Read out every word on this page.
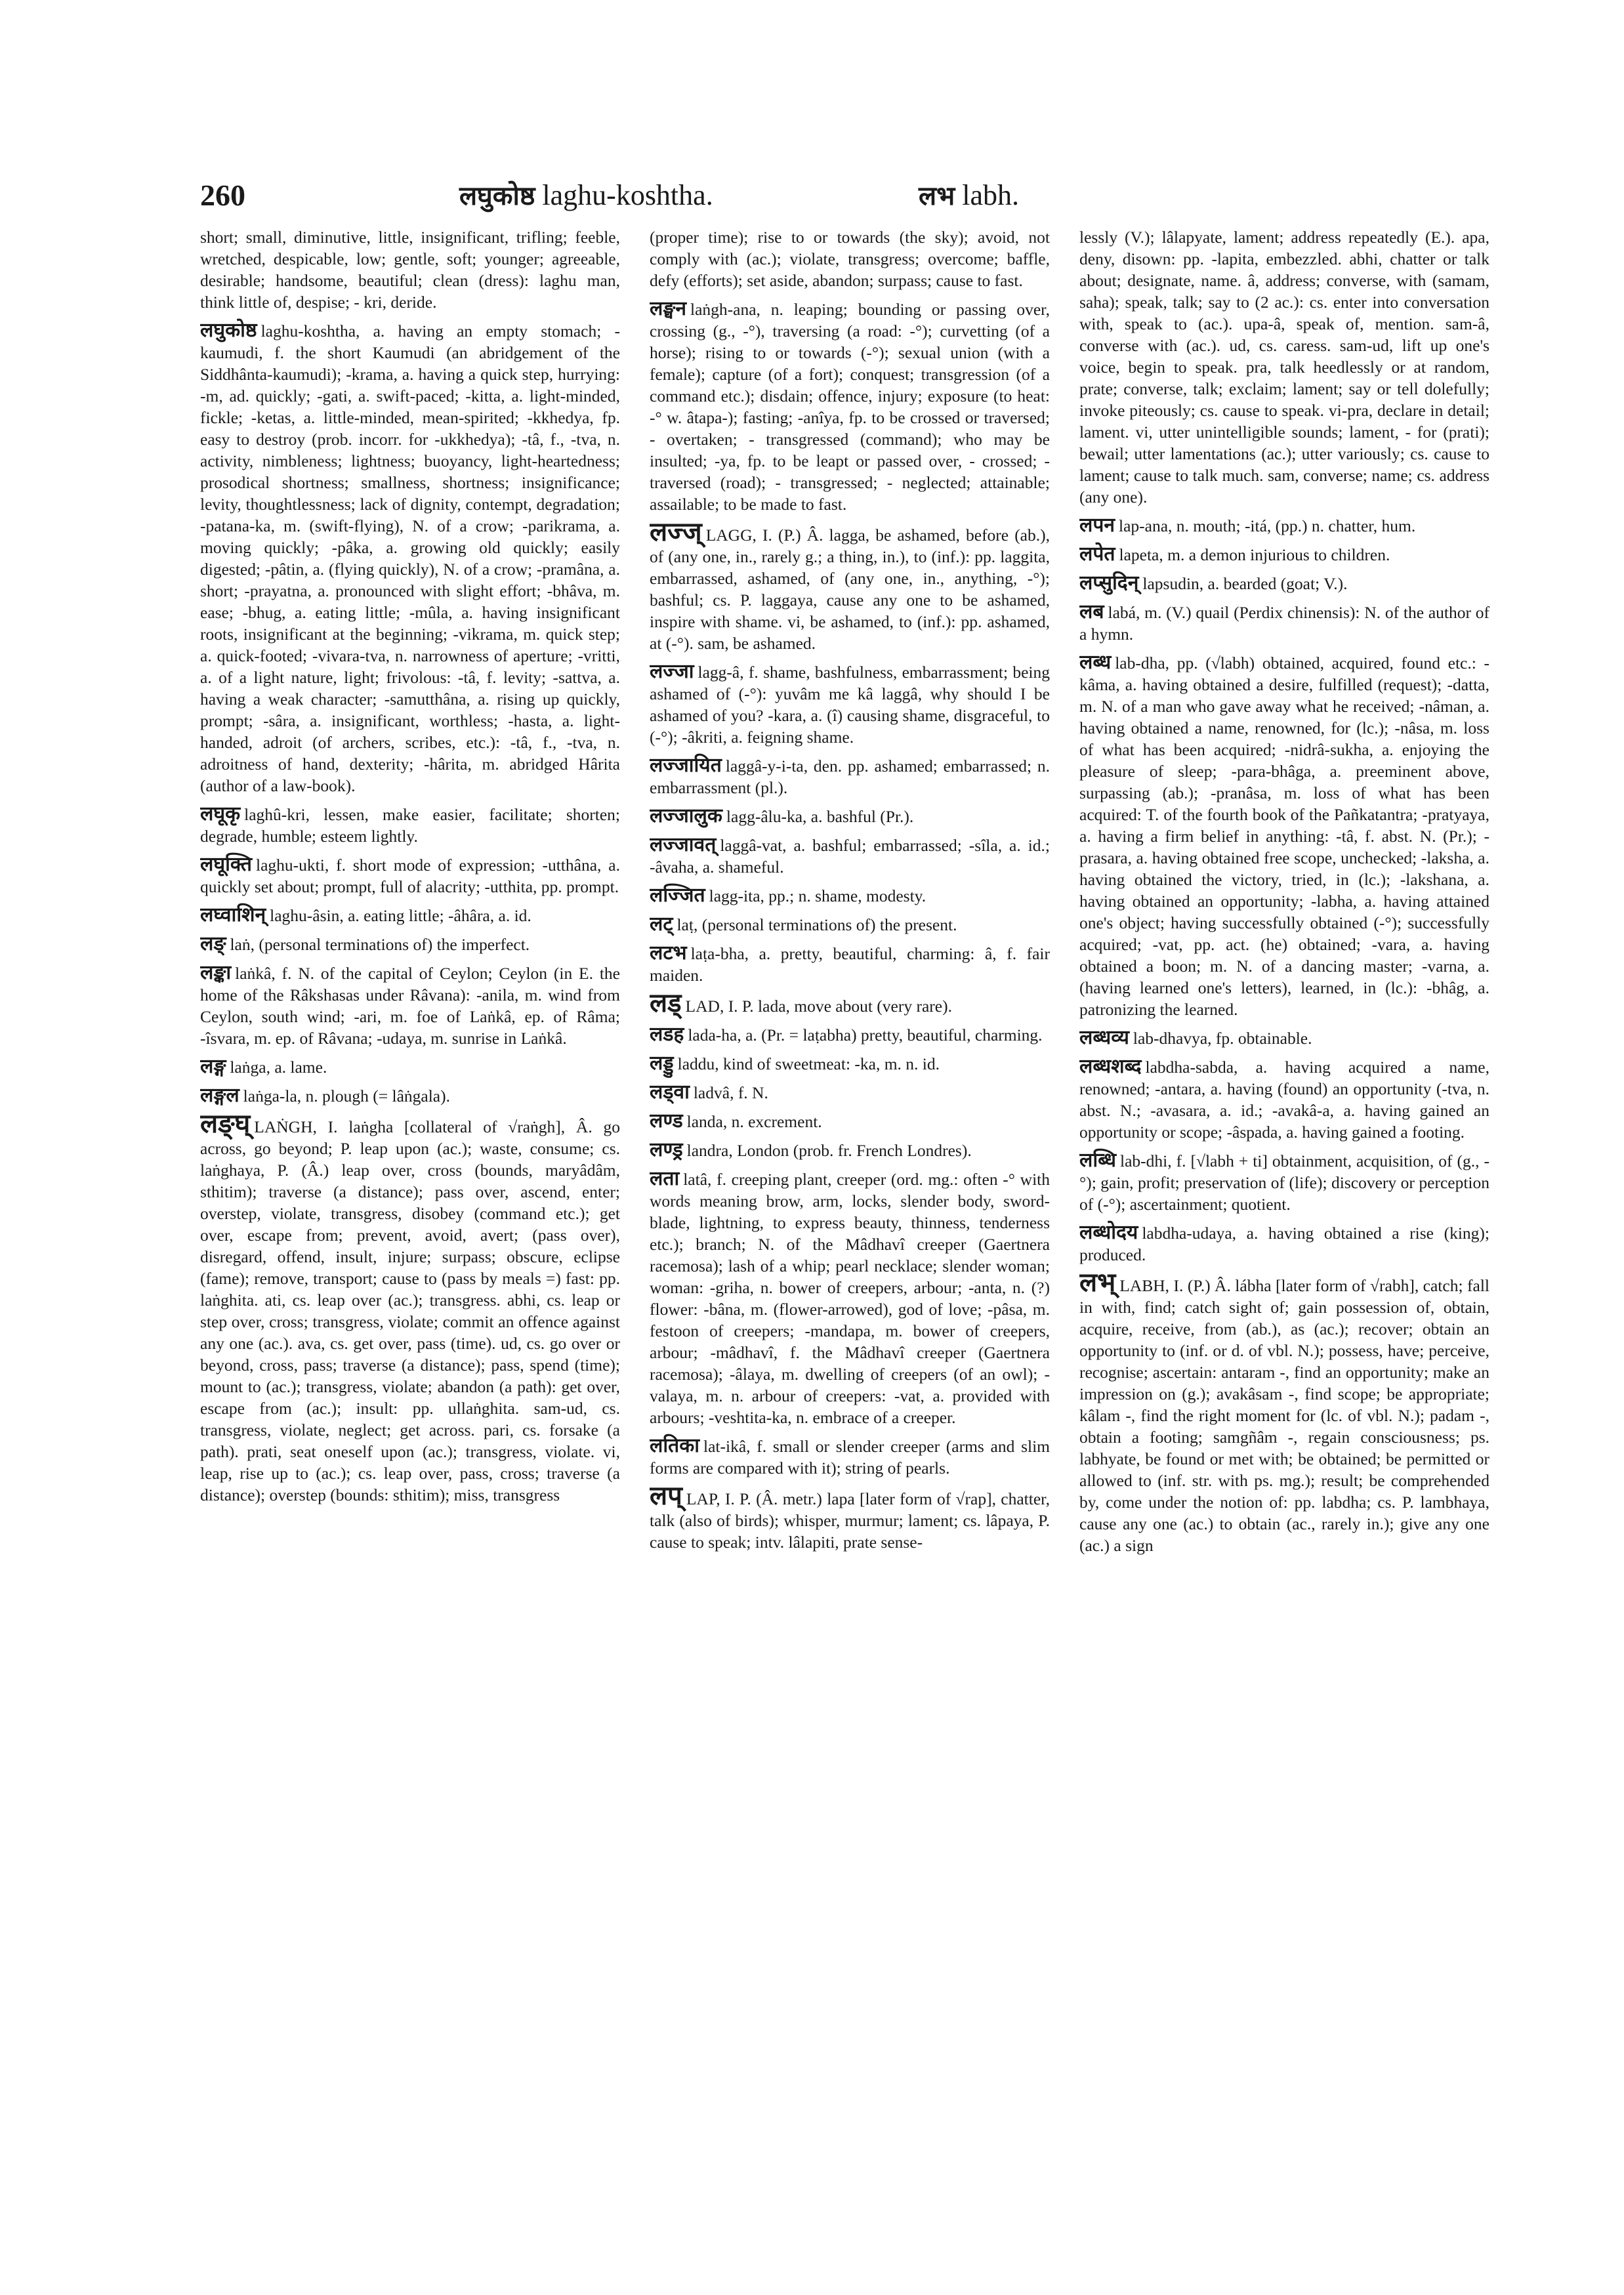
260	लघुकोष्ठ laghu-koshtha.	लभ labh.

short; small, diminutive, little, insignificant, trifling; feeble, wretched, despicable, low; gentle, soft; younger; agreeable, desirable; handsome, beautiful; clean (dress): laghu man, think little of, despise; - kri, deride.

लघुकोष्ठ laghu-koshtha, a. having an empty stomach; -kaumudi, f. the short Kaumudi (an abridgement of the Siddhânta-kaumudi); -krama, a. having a quick step, hurrying: -m, ad. quickly; -gati, a. swift-paced; -kitta, a. light-minded, fickle; -ketas, a. little-minded, mean-spirited; -kkhedya, fp. easy to destroy (prob. incorr. for -ukkhedya); -tâ, f., -tva, n. activity, nimbleness; lightness; buoyancy, light-heartedness; prosodical shortness; smallness, shortness; insignificance; levity, thoughtlessness; lack of dignity, contempt, degradation; -patana-ka, m. (swift-flying), N. of a crow; -parikrama, a. moving quickly; -pâka, a. growing old quickly; easily digested; -pâtin, a. (flying quickly), N. of a crow; -pramâna, a. short; -prayatna, a. pronounced with slight effort; -bhâva, m. ease; -bhug, a. eating little; -mûla, a. having insignificant roots, insignificant at the beginning; -vikrama, m. quick step; a. quick-footed; -vivara-tva, n. narrowness of aperture; -vritti, a. of a light nature, light; frivolous: -tâ, f. levity; -sattva, a. having a weak character; -samutthâna, a. rising up quickly, prompt; -sâra, a. insignificant, worthless; -hasta, a. light-handed, adroit (of archers, scribes, etc.): -tâ, f., -tva, n. adroitness of hand, dexterity; -hârita, m. abridged Hârita (author of a law-book).

लघूकृ laghû-kri, lessen, make easier, facilitate; shorten; degrade, humble; esteem lightly.

लघूक्ति laghu-ukti, f. short mode of expression; -utthâna, a. quickly set about; prompt, full of alacrity; -utthita, pp. prompt.

लघ्वाशिन् laghu-âsin, a. eating little; -âhâra, a. id.

लङ् laṅ, (personal terminations of) the imperfect.

लङ्का laṅkâ, f. N. of the capital of Ceylon; Ceylon (in E. the home of the Râkshasas under Râvana): -anila, m. wind from Ceylon, south wind; -ari, m. foe of Laṅkâ, ep. of Râma; -îsvara, m. ep. of Râvana; -udaya, m. sunrise in Laṅkâ.

लङ्ग laṅga, a. lame.

लङ्गल laṅga-la, n. plough (= lâṅgala).

लङ्घ् LAṄGH, I. laṅgha [collateral of √raṅgh], Â. go across, go beyond; P. leap upon (ac.); waste, consume; cs. laṅghaya, P. (Â.) leap over, cross (bounds, maryâdâm, sthitim); traverse (a distance); pass over, ascend, enter; overstep, violate, transgress, disobey (command etc.); get over, escape from; prevent, avoid, avert; (pass over), disregard, offend, insult, injure; surpass; obscure, eclipse (fame); remove, transport; cause to (pass by meals =) fast: pp. laṅghita. ati, cs. leap over (ac.); transgress. abhi, cs. leap or step over, cross; transgress, violate; commit an offence against any one (ac.). ava, cs. get over, pass (time). ud, cs. go over or beyond, cross, pass; traverse (a distance); pass, spend (time); mount to (ac.); transgress, violate; abandon (a path): get over, escape from (ac.); insult: pp. ullaṅghita. sam-ud, cs. transgress, violate, neglect; get across. pari, cs. forsake (a path). prati, seat oneself upon (ac.); transgress, violate. vi, leap, rise up to (ac.); cs. leap over, pass, cross; traverse (a distance); overstep (bounds: sthitim); miss, transgress

(proper time); rise to or towards (the sky); avoid, not comply with (ac.); violate, transgress; overcome; baffle, defy (efforts); set aside, abandon; surpass; cause to fast.

लङ्घन laṅgh-ana, n. leaping; bounding or passing over, crossing (g., -°), traversing (a road: -°); curvetting (of a horse); rising to or towards (-°); sexual union (with a female); capture (of a fort); conquest; transgression (of a command etc.); disdain; offence, injury; exposure (to heat: -° w. âtapa-); fasting; -anîya, fp. to be crossed or traversed; - overtaken; - transgressed (command); who may be insulted; -ya, fp. to be leapt or passed over, - crossed; - traversed (road); - transgressed; - neglected; attainable; assailable; to be made to fast.

लज्ज् LAGG, I. (P.) Â. lagga, be ashamed, before (ab.), of (any one, in., rarely g.; a thing, in.), to (inf.): pp. laggita, embarrassed, ashamed, of (any one, in., anything, -°); bashful; cs. P. laggaya, cause any one to be ashamed, inspire with shame. vi, be ashamed, to (inf.): pp. ashamed, at (-°). sam, be ashamed.

लज्जा lagg-â, f. shame, bashfulness, embarrassment; being ashamed of (-°): yuvâm me kâ laggâ, why should I be ashamed of you? -kara, a. (î) causing shame, disgraceful, to (-°); -âkriti, a. feigning shame.

लज्जायित laggâ-y-i-ta, den. pp. ashamed; embarrassed; n. embarrassment (pl.).

लज्जालुक lagg-âlu-ka, a. bashful (Pr.).

लज्जावत् laggâ-vat, a. bashful; embarrassed; -sîla, a. id.; -âvaha, a. shameful.

लज्जित lagg-ita, pp.; n. shame, modesty.

लट् laṭ, (personal terminations of) the present.

लटभ laṭa-bha, a. pretty, beautiful, charming: â, f. fair maiden.

लड् LAD, I. P. lada, move about (very rare).

लडह lada-ha, a. (Pr. = laṭabha) pretty, beautiful, charming.

लड्डु laddu, kind of sweetmeat: -ka, m. n. id.

लड्वा ladvâ, f. N.

लण्ड landa, n. excrement.

लण्ड्र landra, London (prob. fr. French Londres).

लता latâ, f. creeping plant, creeper (ord. mg.: often -° with words meaning brow, arm, locks, slender body, sword-blade, lightning, to express beauty, thinness, tenderness etc.); branch; N. of the Mâdhavî creeper (Gaertnera racemosa); lash of a whip; pearl necklace; slender woman; woman: -griha, n. bower of creepers, arbour; -anta, n. (?) flower: -bâna, m. (flower-arrowed), god of love; -pâsa, m. festoon of creepers; -mandapa, m. bower of creepers, arbour; -mâdhavî, f. the Mâdhavî creeper (Gaertnera racemosa); -âlaya, m. dwelling of creepers (of an owl); -valaya, m. n. arbour of creepers: -vat, a. provided with arbours; -veshtita-ka, n. embrace of a creeper.

लतिका lat-ikâ, f. small or slender creeper (arms and slim forms are compared with it); string of pearls.

लप् LAP, I. P. (Â. metr.) lapa [later form of √rap], chatter, talk (also of birds); whisper, murmur; lament; cs. lâpaya, P. cause to speak; intv. lâlapiti, prate sense-

lessly (V.); lâlapyate, lament; address repeatedly (E.). apa, deny, disown: pp. -lapita, embezzled. abhi, chatter or talk about; designate, name. â, address; converse, with (samam, saha); speak, talk; say to (2 ac.): cs. enter into conversation with, speak to (ac.). upa-â, speak of, mention. sam-â, converse with (ac.). ud, cs. caress. sam-ud, lift up one's voice, begin to speak. pra, talk heedlessly or at random, prate; converse, talk; exclaim; lament; say or tell dolefully; invoke piteously; cs. cause to speak. vi-pra, declare in detail; lament. vi, utter unintelligible sounds; lament, - for (prati); bewail; utter lamentations (ac.); utter variously; cs. cause to lament; cause to talk much. sam, converse; name; cs. address (any one).

लपन lap-ana, n. mouth; -itá, (pp.) n. chatter, hum.

लपेत lapeta, m. a demon injurious to children.

लप्सुदिन् lapsudin, a. bearded (goat; V.).

लब labá, m. (V.) quail (Perdix chinensis): N. of the author of a hymn.

लब्ध lab-dha, pp. (√labh) obtained, acquired, found etc.: -kâma, a. having obtained a desire, fulfilled (request); -datta, m. N. of a man who gave away what he received; -nâman, a. having obtained a name, renowned, for (lc.); -nâsa, m. loss of what has been acquired; -nidrâ-sukha, a. enjoying the pleasure of sleep; -para-bhâga, a. preeminent above, surpassing (ab.); -pranâsa, m. loss of what has been acquired: T. of the fourth book of the Pañkatantra; -pratyaya, a. having a firm belief in anything: -tâ, f. abst. N. (Pr.); -prasara, a. having obtained free scope, unchecked; -laksha, a. having obtained the victory, tried, in (lc.); -lakshana, a. having obtained an opportunity; -labha, a. having attained one's object; having successfully obtained (-°); successfully acquired; -vat, pp. act. (he) obtained; -vara, a. having obtained a boon; m. N. of a dancing master; -varna, a. (having learned one's letters), learned, in (lc.): -bhâg, a. patronizing the learned.

लब्धव्य lab-dhavya, fp. obtainable.

लब्धशब्द labdha-sabda, a. having acquired a name, renowned; -antara, a. having (found) an opportunity (-tva, n. abst. N.; -avasara, a. id.; -avakâ-a, a. having gained an opportunity or scope; -âspada, a. having gained a footing.

लब्धि lab-dhi, f. [√labh + ti] obtainment, acquisition, of (g., -°); gain, profit; preservation of (life); discovery or perception of (-°); ascertainment; quotient.

लब्धोदय labdha-udaya, a. having obtained a rise (king); produced.

लभ् LABH, I. (P.) Â. lábha [later form of √rabh], catch; fall in with, find; catch sight of; gain possession of, obtain, acquire, receive, from (ab.), as (ac.); recover; obtain an opportunity to (inf. or d. of vbl. N.); possess, have; perceive, recognise; ascertain: antaram -, find an opportunity; make an impression on (g.); avakâsam -, find scope; be appropriate; kâlam -, find the right moment for (lc. of vbl. N.); padam -, obtain a footing; samgñâm -, regain consciousness; ps. labhyate, be found or met with; be obtained; be permitted or allowed to (inf. str. with ps. mg.); result; be comprehended by, come under the notion of: pp. labdha; cs. P. lambhaya, cause any one (ac.) to obtain (ac., rarely in.); give any one (ac.) a sign
